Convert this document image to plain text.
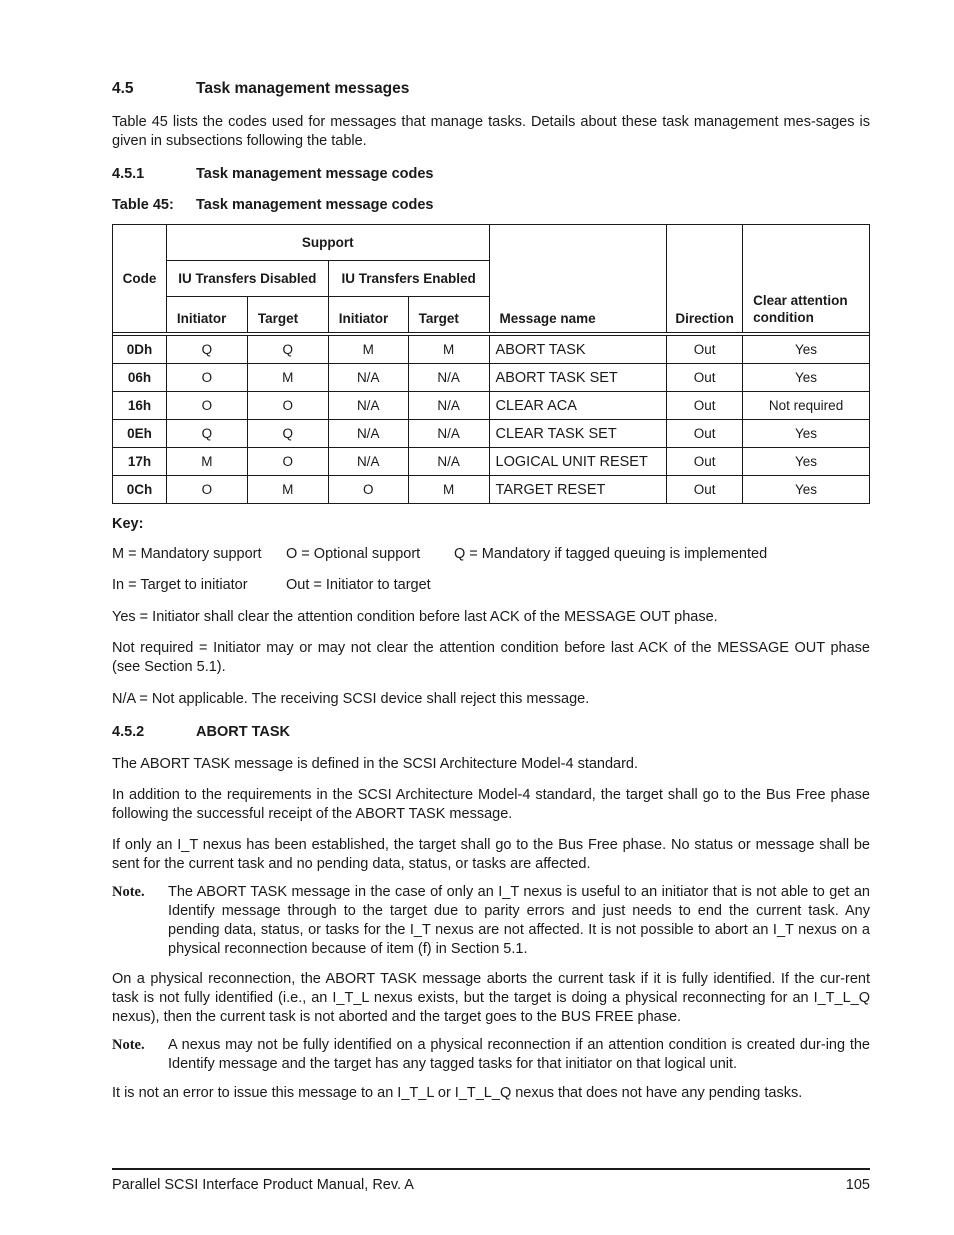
4.5	Task management messages

Table 45 lists the codes used for messages that manage tasks. Details about these task management mes-sages is given in subsections following the table.

4.5.1	Task management message codes
Table 45: Task management message codes
Code	Support				Message name	Direction	Clear attention condition
	IU Transfers Disabled		IU Transfers Enabled				
	Initiator	Target	Initiator	Target			

0Dh	Q	Q	M	M	ABORT TASK	Out	Yes
06h	O	M	N/A	N/A	ABORT TASK SET	Out	Yes
16h	O	O	N/A	N/A	CLEAR ACA	Out	Not required
0Eh	Q	Q	N/A	N/A	CLEAR TASK SET	Out	Yes
17h	M	O	N/A	N/A	LOGICAL UNIT RESET	Out	Yes
0Ch	O	M	O	M	TARGET RESET	Out	Yes
Key:
M = Mandatory support O = Optional support Q = Mandatory if tagged queuing is implemented
In = Target to initiator	Out = Initiator to target

Yes = Initiator shall clear the attention condition before last ACK of the MESSAGE OUT phase.

Not required = Initiator may or may not clear the attention condition before last ACK of the MESSAGE OUT phase (see Section 5.1).

N/A = Not applicable. The receiving SCSI device shall reject this message.

4.5.2	ABORT TASK

The ABORT TASK message is defined in the SCSI Architecture Model-4 standard.

In addition to the requirements in the SCSI Architecture Model-4 standard, the target shall go to the Bus Free phase following the successful receipt of the ABORT TASK message.

If only an I_T nexus has been established, the target shall go to the Bus Free phase. No status or message shall be sent for the current task and no pending data, status, or tasks are affected.

Note. The ABORT TASK message in the case of only an I_T nexus is useful to an initiator that is not able to get an Identify message through to the target due to parity errors and just needs to end the current task. Any pending data, status, or tasks for the I_T nexus are not affected. It is not possible to abort an I_T nexus on a physical reconnection because of item (f) in Section 5.1.

On a physical reconnection, the ABORT TASK message aborts the current task if it is fully identified. If the cur-rent task is not fully identified (i.e., an I_T_L nexus exists, but the target is doing a physical reconnecting for an I_T_L_Q nexus), then the current task is not aborted and the target goes to the BUS FREE phase.

Note. A nexus may not be fully identified on a physical reconnection if an attention condition is created dur-ing the Identify message and the target has any tagged tasks for that initiator on that logical unit.

It is not an error to issue this message to an I_T_L or I_T_L_Q nexus that does not have any pending tasks.

Parallel SCSI Interface Product Manual, Rev. A	105
